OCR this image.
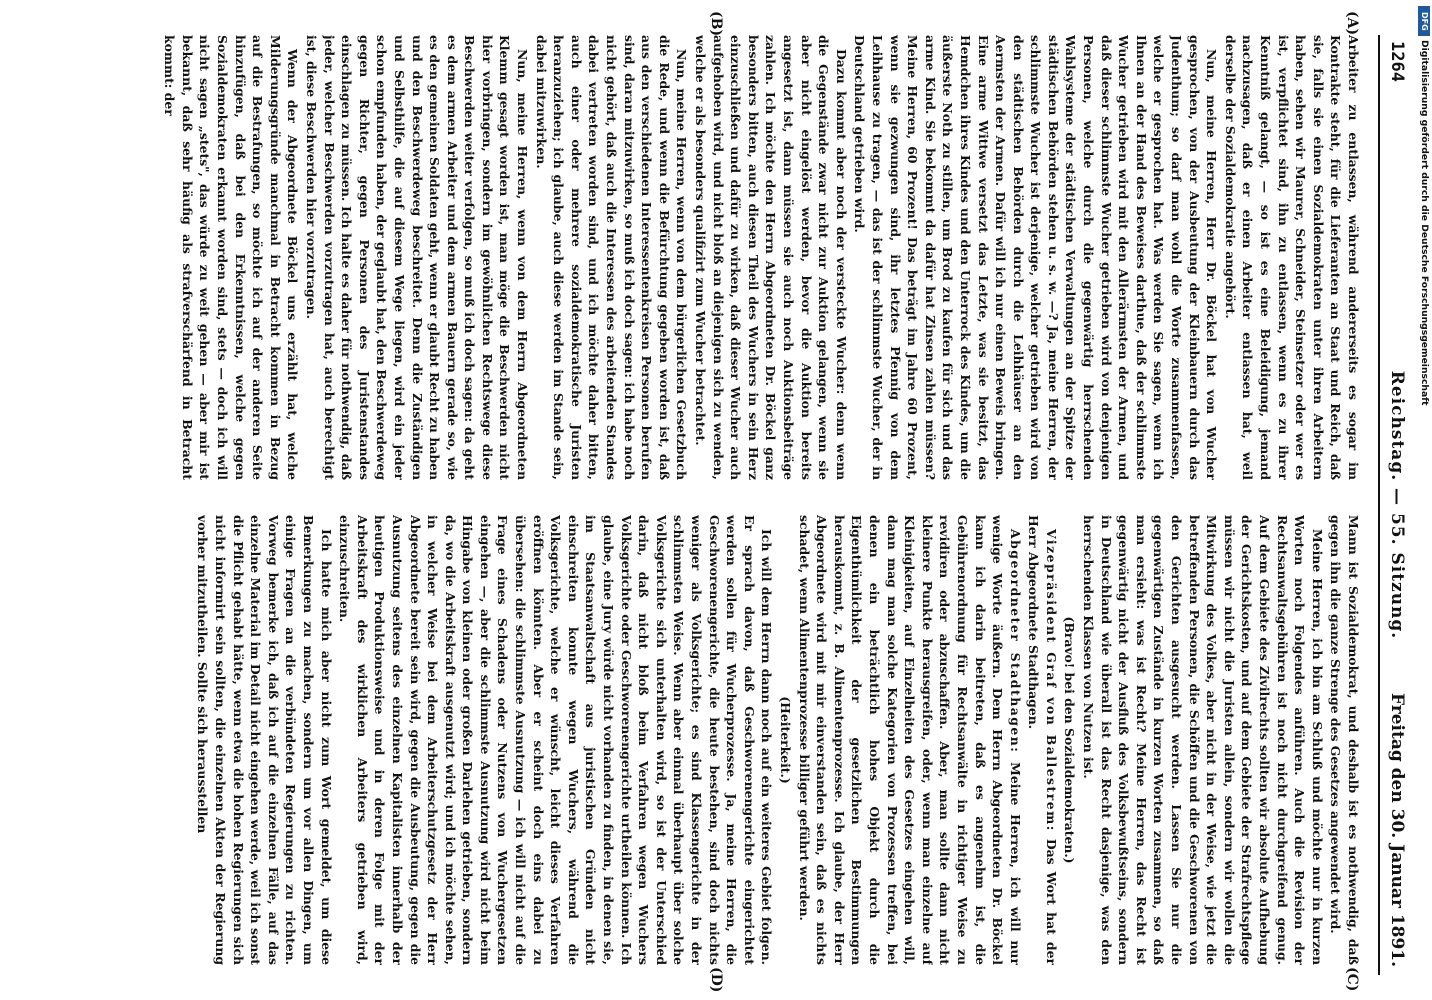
1264
Reichstag. — 55. Sitzung.
Freitag den 30. Januar 1891.
(A)
(B)
(C)
(D)

Arbeiter zu entlassen, während andererseits es sogar im Kontrakte steht, für die Lieferanten an Staat und Reich, daß sie, falls sie einen Sozialdemokraten unter ihren Arbeitern haben, sehen wir Maurer, Schneider, Steinsetzer oder wer es ist, verpflichtet sind, ihn zu entlassen, wenn es zu ihrer Kenntniß gelangt, — so ist es eine Beleidigung, jemand nachzusagen, daß er einen Arbeiter entlassen hat, weil derselbe der Sozialdemokratie angehört.

Nun, meine Herren, Herr Dr. Böckel hat von Wucher gesprochen, von der Ausbeutung der Kleinbauern durch das Judenthum; so darf man wohl die Worte zusammenfassen, welche er gesprochen hat. Was werden Sie sagen, wenn ich Ihnen an der Hand des Beweises darthue, daß der schlimmste Wucher getrieben wird mit den Allerärmsten der Armen, und daß dieser schlimmste Wucher getrieben wird von denjenigen Personen, welche durch die gegenwärtig herrschenden Wahlsysteme der städtischen Verwaltungen an der Spitze der städtischen Behörden stehen u. s. w. —? Ja, meine Herren, der schlimmste Wucher ist derjenige, welcher getrieben wird von den städtischen Behörden durch die Leihhäuser an den Aermsten der Armen. Dafür will ich nur einen Beweis bringen. Eine arme Wittwe versetzt das Letzte, was sie besitzt, das Hemdchen ihres Kindes und den Unterrock des Kindes, um die äußerste Noth zu stillen, um Brod zu kaufen für sich und das arme Kind. Sie bekommt da dafür hat Zinsen zahlen müssen? Meine Herren, 60 Prozent! Das beträgt im Jahre 60 Prozent, wenn sie gezwungen sind, ihr letztes Pfennig von dem Leihhause zu tragen, — das ist der schlimmste Wucher, der in Deutschland getrieben wird.

Dazu kommt aber noch der versteckte Wucher: denn wenn die Gegenstände zwar nicht zur Auktion gelangen, wenn sie aber nicht eingelöst werden, bevor die Auktion bereits angesetzt ist, dann müssen sie auch noch Auktionsbeiträge zahlen. Ich möchte den Herrn Abgeordneten Dr. Böckel ganz besonders bitten, auch diesen Theil des Wuchers in sein Herz einzuschließen und dafür zu wirken, daß dieser Wucher auch aufgehoben wird, und nicht bloß an diejenigen sich zu wenden, welche er als besonders qualifizirt zum Wucher betrachtet.

Nun, meine Herren, wenn von dem bürgerlichen Gesetzbuch die Rede, und wenn die Befürchtung gegeben worden ist, daß aus den verschiedenen Interessentenkreisen Personen berufen sind, daran mitzuwirken, so muß ich doch sagen: ich habe noch nicht gehört, daß auch die Interessen des arbeitenden Standes dabei vertreten worden sind, und ich möchte daher bitten, auch einer oder mehrere sozialdemokratische Juristen heranzuziehen; ich glaube, auch diese werden im Stande sein, dabei mitzuwirken.

Nun, meine Herren, wenn von dem Herrn Abgeordneten Klemm gesagt worden ist, man möge die Beschwerden nicht hier vorbringen, sondern im gewöhnlichen Rechtswege diese Beschwerden weiter verfolgen, so muß ich doch sagen: da geht es dem armen Arbeiter und dem armen Bauern gerade so, wie es den gemeinen Soldaten geht, wenn er glaubt Recht zu haben und den Beschwerdeweg beschreitet. Denn die Zuständigen und Selbsthilfe, die auf diesem Wege liegen, wird ein jeder schon empfunden haben, der geglaubt hat, den Beschwerdeweg gegen Richter, gegen Personen des Juristenstandes einschlagen zu müssen. Ich halte es daher für nothwendig, daß jeder, welcher Beschwerden vorzutragen hat, auch berechtigt ist, diese Beschwerden hier vorzutragen.

Wenn der Abgeordnete Böckel uns erzählt hat, welche Milderungsgründe manchmal in Betracht kommen in Bezug auf die Bestrafungen, so möchte ich auf der anderen Seite hinzufügen, daß bei den Erkenntnissen, welche gegen Sozialdemokraten erkannt worden sind, stets — doch ich will nicht sagen „stets", das würde zu weit gehen — aber mir ist bekannt, daß sehr häufig als strafverschärfend in Betracht kommt: der

Mann ist Sozialdemokrat, und deshalb ist es nothwendig, daß gegen ihn die ganze Strenge des Gesetzes angewendet wird.

Meine Herren, ich bin am Schluß und möchte nur in kurzen Worten noch Folgendes anführen. Auch die Revision der Rechtsanwaltsgebühren ist noch nicht durchgreifend genug. Auf dem Gebiete des Zivilrechts sollten wir absolute Aufhebung der Gerichtskosten, und auf dem Gebiete der Strafrechtspflege müssen wir nicht die Juristen allein, sondern wir wollen die Mitwirkung des Volkes, aber nicht in der Weise, wie jetzt die betreffenden Personen, die Schöffen und die Geschworenen von den Gerichten ausgesucht werden. Lassen Sie nur die gegenwärtigen Zustände in kurzen Worten zusammen, so daß man ersieht: was ist Recht? Meine Herren, das Recht ist gegenwärtig nicht der Ausfluß des Volksbewußtseins, sondern in Deutschland wie überall ist das Recht dasjenige, was den herrschenden Klassen von Nutzen ist.

(Bravo! bei den Sozialdemokraten.)

Vizepräsident Graf von Ballestrem: Das Wort hat der Herr Abgeordnete Stadthagen.

Abgeordneter Stadthagen: Meine Herren, ich will nur wenige Worte äußern. Dem Herrn Abgeordneten Dr. Böckel kann ich darin beitreten, daß es angenehm ist, die Gebührenordnung für Rechtsanwälte in richtiger Weise zu revidiren oder abzuschaffen. Aber, man sollte dann nicht kleinere Punkte herausgreifen, oder, wenn man einzelne auf Kleinigkeiten, auf Einzelheiten des Gesetzes eingehen will, dann mag man solche Kategorien von Prozessen treffen, bei denen ein beträchtlich hohes Objekt durch die Eigenthümlichkeit der gesetzlichen Bestimmungen herauskommt, z. B. Alimentenprozesse. Ich glaube, der Herr Abgeordnete wird mit mir einverstanden sein, daß es nichts schadet, wenn Alimentenprozesse billiger geführt werden.

(Heiterkeit.)

Ich will dem Herrn dann noch auf ein weiteres Gebiet folgen. Er sprach davon, daß Geschworenengerichte eingerichtet werden sollen für Wucherprozesse. Ja, meine Herren, die Geschworenengerichte, die heute bestehen, sind doch nichts weniger als Volksgerichte; es sind Klassengerichte in der schlimmsten Weise. Wenn aber einmal überhaupt über solche Volksgerichte sich unterhalten wird, so ist der Unterschied darin, daß nicht bloß beim Verfahren wegen Wuchers Volksgerichte oder Geschworenengerichte urtheilen können. Ich glaube, eine Jury würde nicht vorhanden zu finden, in denen sie, im Staatsanwaltschaft aus juristischen Gründen nicht einschreiten konnte wegen Wuchers, während die Volksgerichte, welche er wünscht, leicht dieses Verfahren eröffnen könnten. Aber er scheint doch eins dabei zu übersehen: die schlimmste Ausnutzung — ich will nicht auf die Frage eines Schadens oder Nutzens von Wuchergesetzen eingehen —, aber die schlimmste Ausnutzung wird nicht beim Hingabe von kleinen oder großen Darlehen getrieben, sondern da, wo die Arbeitskraft ausgenutzt wird; und ich möchte sehen, in welcher Weise bei dem Arbeiterschutzgesetz der Herr Abgeordnete bereit sein wird, gegen die Ausbeutung, gegen die Ausnutzung seitens des einzelnen Kapitalisten innerhalb der heutigen Produktionsweise und in deren Folge mit der Arbeitskraft des wirklichen Arbeiters getrieben wird, einzuschreiten.

Ich hatte mich aber nicht zum Wort gemeldet, um diese Bemerkungen zu machen, sondern um vor allen Dingen, um einige Fragen an die verbündeten Regierungen zu richten. Vorweg bemerke ich, daß ich auf die einzelnen Fälle, auf das einzelne Material im Detail nicht eingehen werde, weil ich sonst die Pflicht gehabt hätte, wenn etwa die hohen Regierungen sich nicht informirt sein sollten, die einzelnen Akten der Regierung vorher mitzutheilen. Sollte sich herausstellen

DFG
Digitalisierung gefördert durch die Deutsche Forschungsgemeinschaft
